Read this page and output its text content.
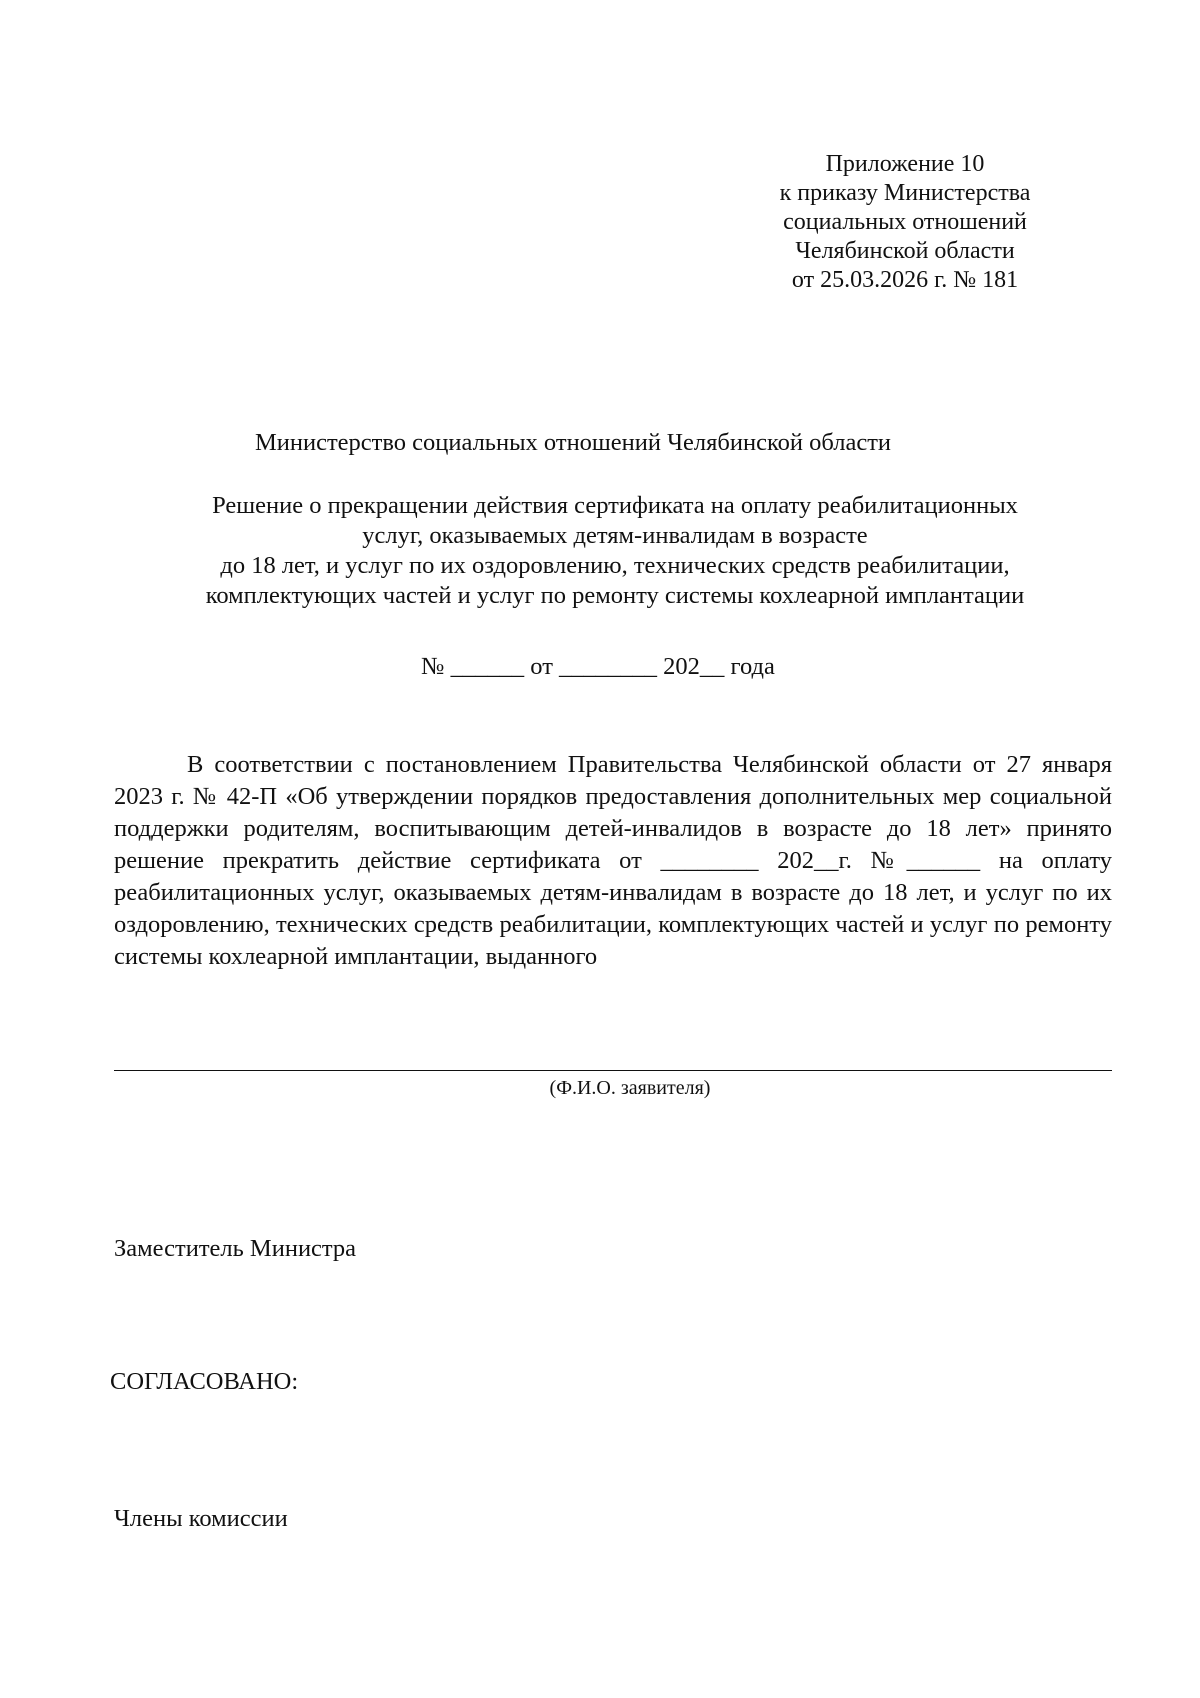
Приложение 10
к приказу Министерства
социальных отношений
Челябинской области
от 25.03.2026 г. № 181
Министерство социальных отношений Челябинской области
Решение о прекращении действия сертификата на оплату реабилитационных
услуг, оказываемых детям-инвалидам в возрасте
до 18 лет, и услуг по их оздоровлению, технических средств реабилитации,
комплектующих частей и услуг по ремонту системы кохлеарной имплантации
№ ______ от ________ 202__ года
В соответствии с постановлением Правительства Челябинской области от 27 января 2023 г. № 42-П «Об утверждении порядков предоставления дополнительных мер социальной поддержки родителям, воспитывающим детей-инвалидов в возрасте до 18 лет» принято решение прекратить действие сертификата от ________ 202__г. №______ на оплату реабилитационных услуг, оказываемых детям-инвалидам в возрасте до 18 лет, и услуг по их оздоровлению, технических средств реабилитации, комплектующих частей и услуг по ремонту системы кохлеарной имплантации, выданного
(Ф.И.О. заявителя)
Заместитель Министра
СОГЛАСОВАНО:
Члены комиссии
